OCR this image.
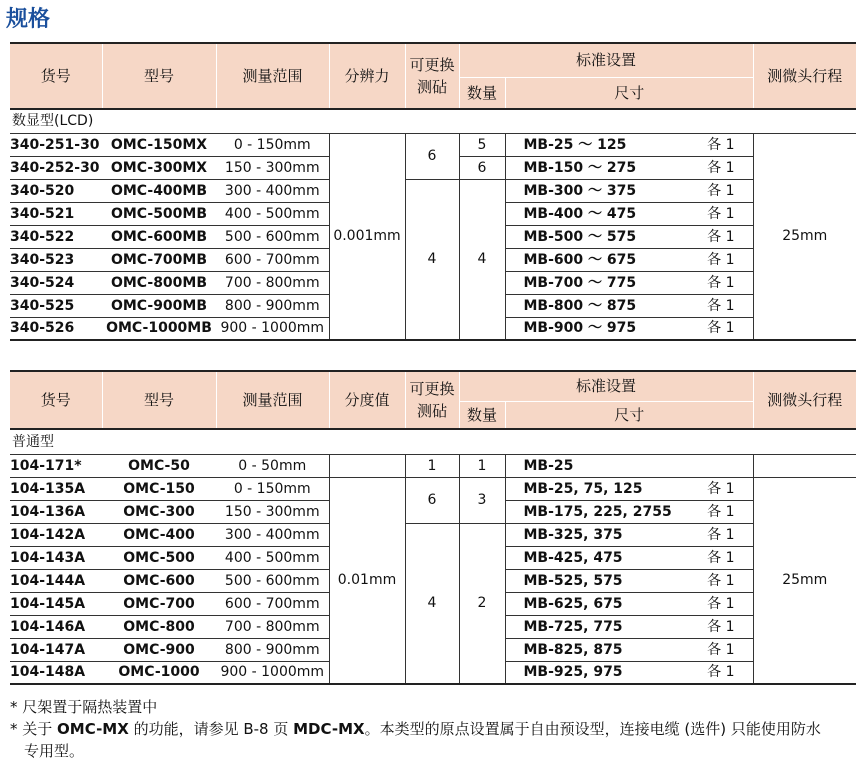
规格
货号	型号	测量范围	分辨力	可更换测砧	标准设置		测微头行程
					数量	尺寸	
数显型(LCD)							
340-251-30	OMC-150MX	0 - 150mm	0.001mm	6	5	MB-25 ～ 125 各 1	25mm
340-252-30	OMC-300MX	150 - 300mm			6	MB-150 ～ 275 各 1	

340-520	OMC-400MB	300 - 400mm		4	4	MB-300 ～ 375 各 1	

340-521	OMC-500MB	400 - 500mm				MB-400 ～ 475 各 1	

340-522	OMC-600MB	500 - 600mm				MB-500 ～ 575 各 1	

340-523	OMC-700MB	600 - 700mm				MB-600 ～ 675 各 1	

340-524	OMC-800MB	700 - 800mm				MB-700 ～ 775 各 1	

340-525	OMC-900MB	800 - 900mm				MB-800 ～ 875 各 1	

340-526	OMC-1000MB	900 - 1000mm				MB-900 ～ 975 各 1	
货号	型号	测量范围	分度值	可更换测砧	标准设置		测微头行程
					数量	尺寸	
普通型							
104-171*	OMC-50	0 - 50mm		1	1	MB-25	

104-135A	OMC-150	0 - 150mm	0.01mm	6	3	MB-25, 75, 125 各 1	25mm
104-136A	OMC-300	150 - 300mm				MB-175, 225, 2755 各 1	

104-142A	OMC-400	300 - 400mm		4	2	MB-325, 375 各 1	

104-143A	OMC-500	400 - 500mm				MB-425, 475 各 1	

104-144A	OMC-600	500 - 600mm				MB-525, 575 各 1	

104-145A	OMC-700	600 - 700mm				MB-625, 675 各 1	

104-146A	OMC-800	700 - 800mm				MB-725, 775 各 1	

104-147A	OMC-900	800 - 900mm				MB-825, 875 各 1	

104-148A	OMC-1000	900 - 1000mm				MB-925, 975 各 1	

* 尺架置于隔热装置中

* 关于 OMC-MX 的功能，请参见 B-8 页 MDC-MX。本类型的原点设置属于自由预设型，连接电缆 (选件) 只能使用防水

专用型。
